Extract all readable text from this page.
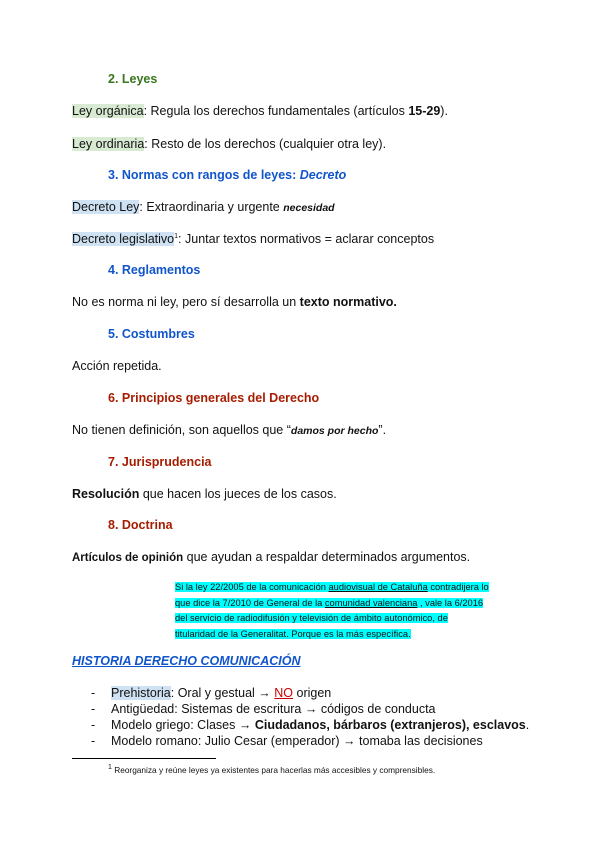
2. Leyes
Ley orgánica: Regula los derechos fundamentales (artículos 15-29).
Ley ordinaria: Resto de los derechos (cualquier otra ley).
3. Normas con rangos de leyes: Decreto
Decreto Ley: Extraordinaria y urgente necesidad
Decreto legislativo$^1$: Juntar textos normativos = aclarar conceptos
4. Reglamentos
No es norma ni ley, pero sí desarrolla un texto normativo.
5. Costumbres
Acción repetida.
6. Principios generales del Derecho
No tienen definición, son aquellos que “damos por hecho”.
7. Jurisprudencia
Resolución que hacen los jueces de los casos.
8. Doctrina
Artículos de opinión que ayudan a respaldar determinados argumentos.
Si la ley 22/2005 de la comunicación audiovisual de Cataluña contradijera lo
que dice la 7/2010 de General de la comunidad valenciana , vale la 6/2016
del servicio de radiodifusión y televisión de ámbito autonómico, de
titularidad de la Generalitat. Porque es la más específica.
HISTORIA DERECHO COMUNICACIÓN
-	Prehistoria: Oral y gestual → NO origen
-	Antigüedad: Sistemas de escritura → códigos de conducta
-	Modelo griego: Clases → Ciudadanos, bárbaros (extranjeros), esclavos.
-	Modelo romano: Julio Cesar (emperador) → tomaba las decisiones
$^1$ Reorganiza y reúne leyes ya existentes para hacerlas más accesibles y comprensibles.
